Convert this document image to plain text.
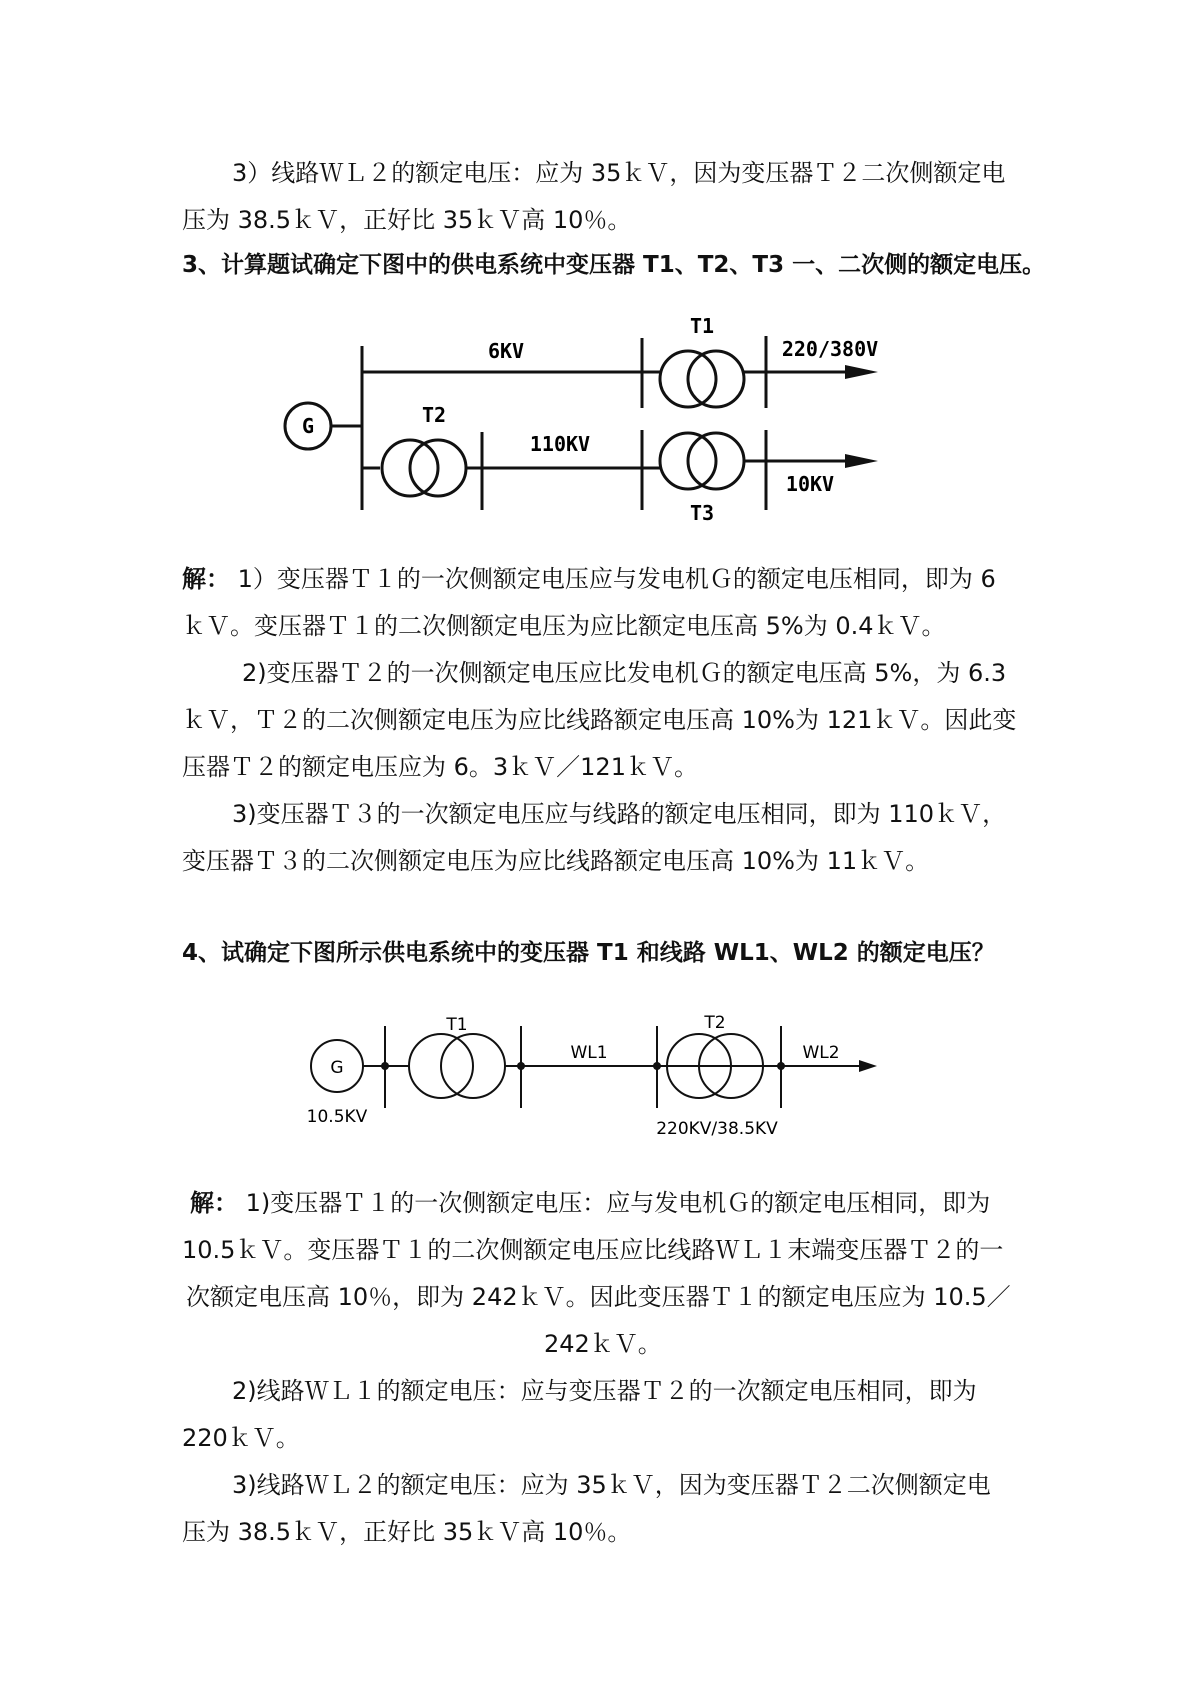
3）线路ＷＬ２的额定电压：应为 35ｋＶ，因为变压器Ｔ２二次侧额定电

压为 38.5ｋＶ，正好比 35ｋＶ高 10％。

3、计算题试确定下图中的供电系统中变压器 T1、T2、T3 一、二次侧的额定电压。

G
T1
T2
T3
6KV	220/380V
110KV
10KV

解： 1）变压器Ｔ１的一次侧额定电压应与发电机Ｇ的额定电压相同，即为 6

ｋＶ。变压器Ｔ１的二次侧额定电压为应比额定电压高 5%为 0.4ｋＶ。

2)变压器Ｔ２的一次侧额定电压应比发电机Ｇ的额定电压高 5%，为 6.3

ｋＶ，Ｔ２的二次侧额定电压为应比线路额定电压高 10%为 121ｋＶ。因此变

压器Ｔ２的额定电压应为 6。3ｋＶ／121ｋＶ。

3)变压器Ｔ３的一次额定电压应与线路的额定电压相同，即为 110ｋＶ，

变压器Ｔ３的二次侧额定电压为应比线路额定电压高 10%为 11ｋＶ。

4、试确定下图所示供电系统中的变压器 T1 和线路 WL1、WL2 的额定电压？

G
10.5KV
T1	T2
WL1	WL2
220KV/38.5KV

解： 1)变压器Ｔ１的一次侧额定电压：应与发电机Ｇ的额定电压相同，即为

10.5ｋＶ。变压器Ｔ１的二次侧额定电压应比线路ＷＬ１末端变压器Ｔ２的一

次额定电压高 10％，即为 242ｋＶ。因此变压器Ｔ１的额定电压应为 10.5／

242ｋＶ。

2)线路ＷＬ１的额定电压：应与变压器Ｔ２的一次额定电压相同，即为

220ｋＶ。

3)线路ＷＬ２的额定电压：应为 35ｋＶ，因为变压器Ｔ２二次侧额定电

压为 38.5ｋＶ，正好比 35ｋＶ高 10％。
